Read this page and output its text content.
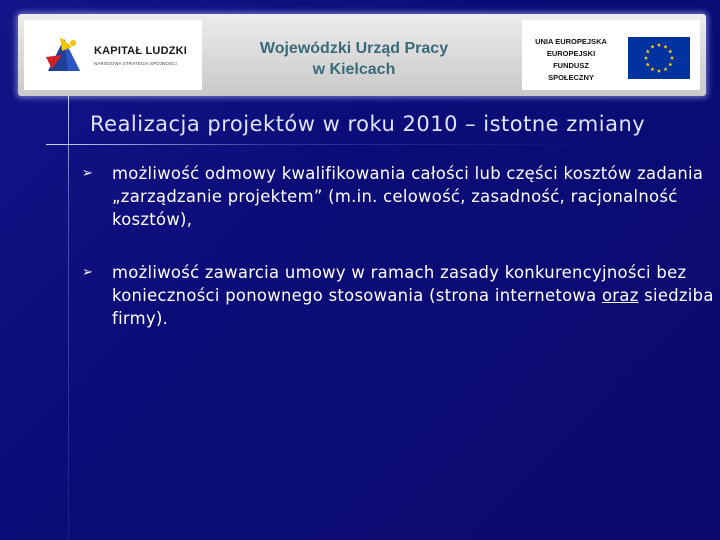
KAPITAŁ LUDZKI
NARODOWA STRATEGIA SPÓJNOŚCI
Wojewódzki Urząd Pracy
w Kielcach
UNIA EUROPEJSKA
EUROPEJSKI
FUNDUSZ SPOŁECZNY
Realizacja projektów w roku 2010 – istotne zmiany
➢ możliwość odmowy kwalifikowania całości lub części kosztów zadania „zarządzanie projektem” (m.in. celowość, zasadność, racjonalność kosztów),
➢ możliwość zawarcia umowy w ramach zasady konkurencyjności bez konieczności ponownego stosowania (strona internetowa oraz siedziba firmy).
